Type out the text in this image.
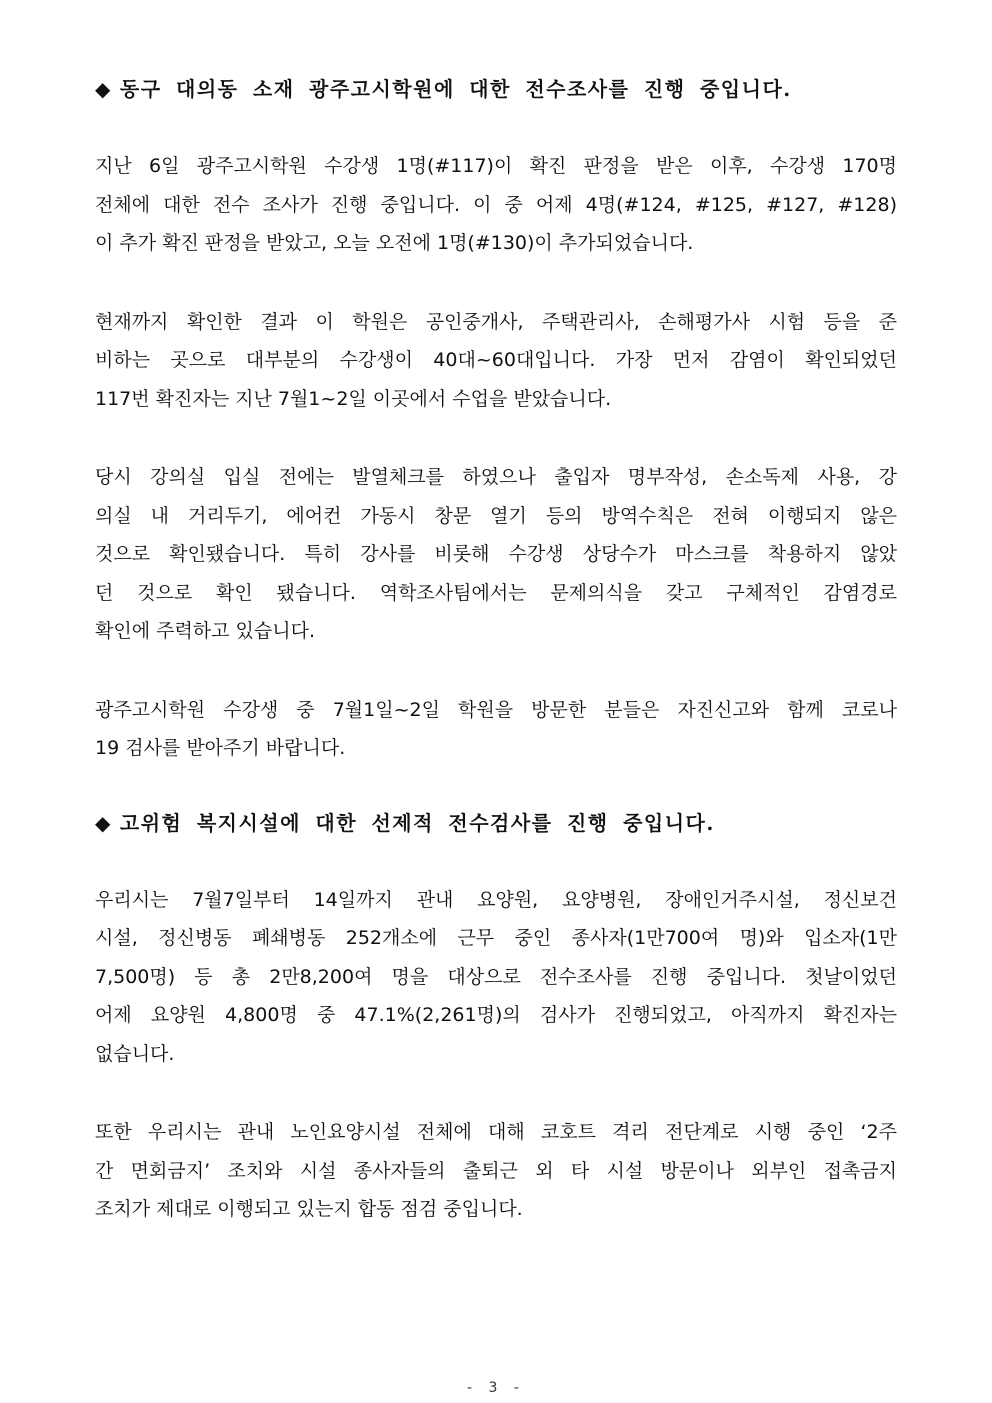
◆ 동구 대의동 소재 광주고시학원에 대한 전수조사를 진행 중입니다.

지난 6일 광주고시학원 수강생 1명(#117)이 확진 판정을 받은 이후, 수강생 170명
전체에 대한 전수 조사가 진행 중입니다. 이 중 어제 4명(#124, #125, #127, #128)
이 추가 확진 판정을 받았고, 오늘 오전에 1명(#130)이 추가되었습니다.

현재까지 확인한 결과 이 학원은 공인중개사, 주택관리사, 손해평가사 시험 등을 준
비하는 곳으로 대부분의 수강생이 40대~60대입니다. 가장 먼저 감염이 확인되었던
117번 확진자는 지난 7월1~2일 이곳에서 수업을 받았습니다.

당시 강의실 입실 전에는 발열체크를 하였으나 출입자 명부작성, 손소독제 사용, 강
의실 내 거리두기, 에어컨 가동시 창문 열기 등의 방역수칙은 전혀 이행되지 않은
것으로 확인됐습니다. 특히 강사를 비롯해 수강생 상당수가 마스크를 착용하지 않았
던 것으로 확인 됐습니다. 역학조사팀에서는 문제의식을 갖고 구체적인 감염경로
확인에 주력하고 있습니다.

광주고시학원 수강생 중 7월1일~2일 학원을 방문한 분들은 자진신고와 함께 코로나
19 검사를 받아주기 바랍니다.

◆ 고위험 복지시설에 대한 선제적 전수검사를 진행 중입니다.

우리시는 7월7일부터 14일까지 관내 요양원, 요양병원, 장애인거주시설, 정신보건
시설, 정신병동 폐쇄병동 252개소에 근무 중인 종사자(1만700여 명)와 입소자(1만
7,500명) 등 총 2만8,200여 명을 대상으로 전수조사를 진행 중입니다. 첫날이었던
어제 요양원 4,800명 중 47.1%(2,261명)의 검사가 진행되었고, 아직까지 확진자는
없습니다.

또한 우리시는 관내 노인요양시설 전체에 대해 코호트 격리 전단계로 시행 중인 ‘2주
간 면회금지’ 조치와 시설 종사자들의 출퇴근 외 타 시설 방문이나 외부인 접촉금지
조치가 제대로 이행되고 있는지 합동 점검 중입니다.

- 3 -
